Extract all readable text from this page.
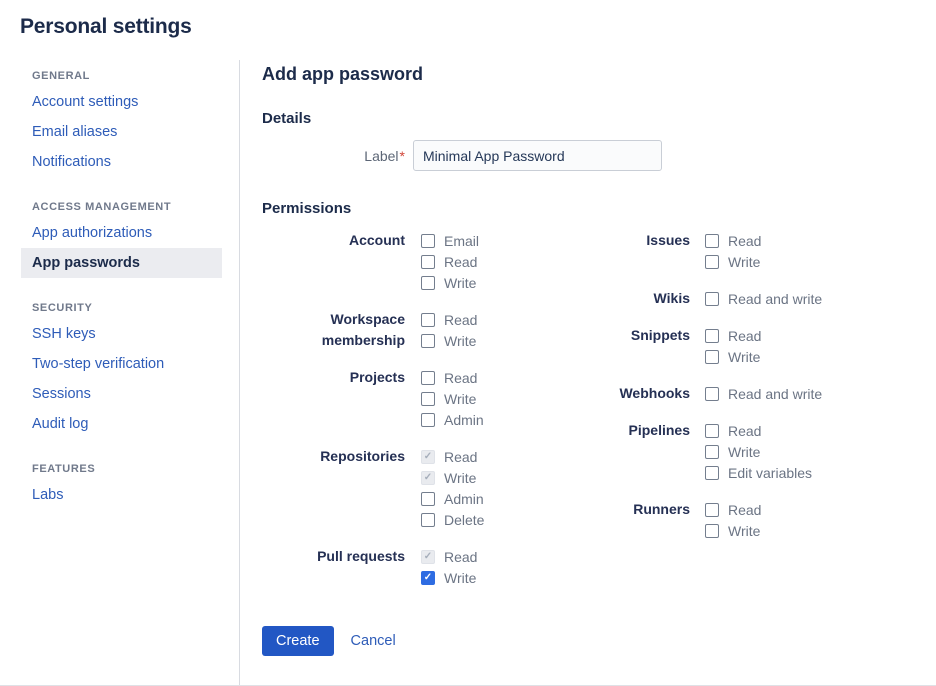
Personal settings
GENERAL
Account settings
Email aliases
Notifications
ACCESS MANAGEMENT
App authorizations
App passwords
SECURITY
SSH keys
Two-step verification
Sessions
Audit log
FEATURES
Labs
Add app password
Details
Label*
Minimal App Password
Permissions
Account	Email
Read
Write
Workspace membership
Read
Write
Projects	Read
Write
Admin
Repositories ✓ Read
✓ Write
Admin
Delete
Pull requests ✓ Read
✓ Write
Issues	Read
Write
Wikis	Read and write
Snippets	Read
Write
Webhooks	Read and write
Pipelines	Read
Write
Edit variables
Runners	Read
Write
Create	Cancel
